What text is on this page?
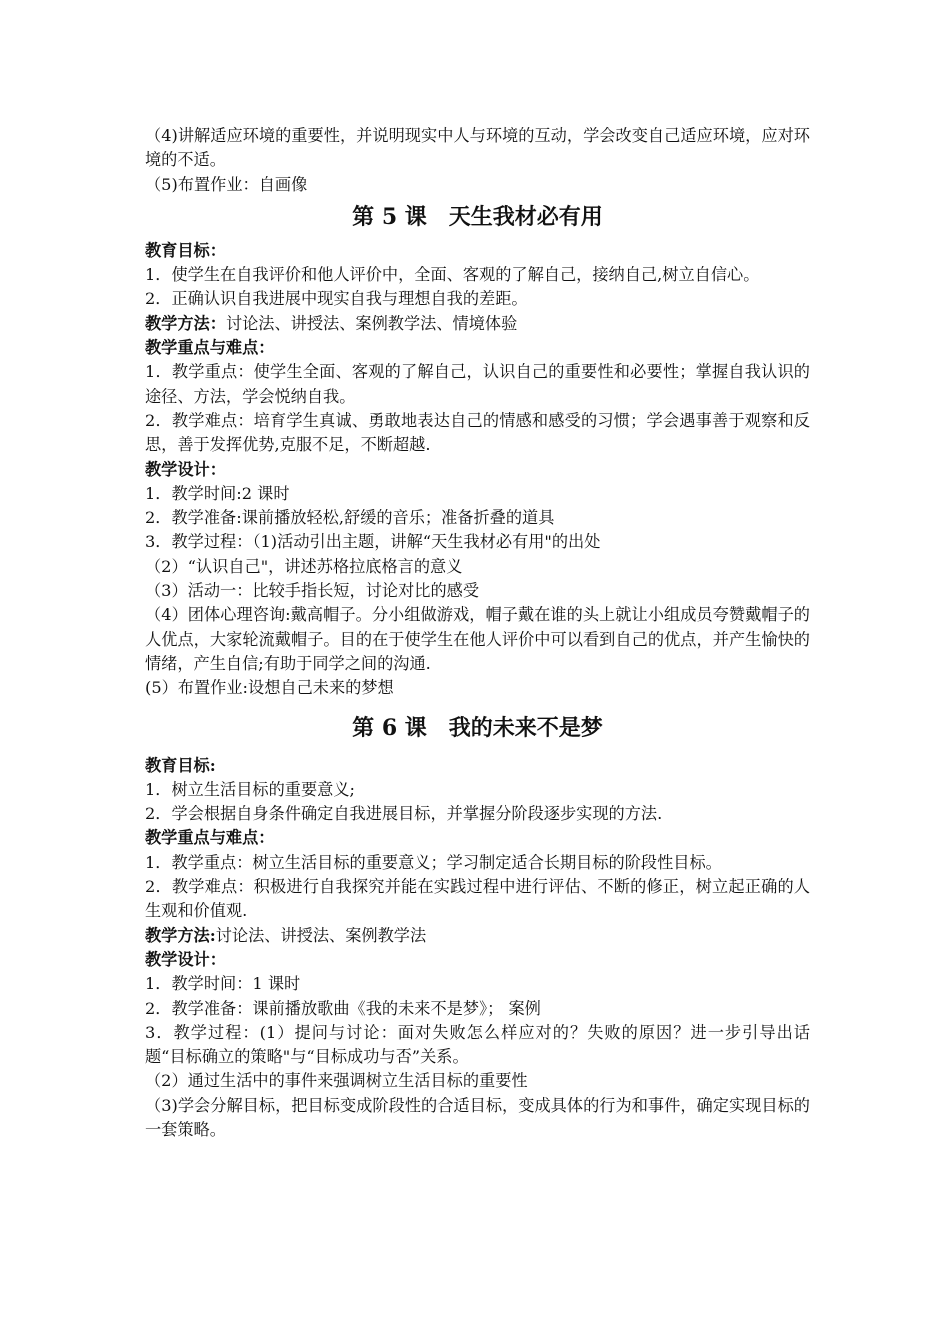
（4)讲解适应环境的重要性，并说明现实中人与环境的互动，学会改变自己适应环境，应对环境的不适。

（5)布置作业：自画像

第 5 课　天生我材必有用

教育目标：

1．使学生在自我评价和他人评价中，全面、客观的了解自己，接纳自己,树立自信心。

2．正确认识自我进展中现实自我与理想自我的差距。

教学方法：讨论法、讲授法、案例教学法、情境体验

教学重点与难点：

1．教学重点：使学生全面、客观的了解自己，认识自己的重要性和必要性；掌握自我认识的途径、方法，学会悦纳自我。

2．教学难点：培育学生真诚、勇敢地表达自己的情感和感受的习惯；学会遇事善于观察和反思，善于发挥优势,克服不足，不断超越.

教学设计：

1．教学时间:2 课时

2．教学准备:课前播放轻松,舒缓的音乐；准备折叠的道具

3．教学过程：（1)活动引出主题，讲解“天生我材必有用"的出处

（2）“认识自己"，讲述苏格拉底格言的意义

（3）活动一：比较手指长短，讨论对比的感受

（4）团体心理咨询:戴高帽子。分小组做游戏，帽子戴在谁的头上就让小组成员夸赞戴帽子的人优点，大家轮流戴帽子。目的在于使学生在他人评价中可以看到自己的优点，并产生愉快的情绪，产生自信;有助于同学之间的沟通.

(5）布置作业:设想自己未来的梦想

第 6 课　我的未来不是梦

教育目标:

1．树立生活目标的重要意义;

2．学会根据自身条件确定自我进展目标，并掌握分阶段逐步实现的方法.

教学重点与难点：

1．教学重点：树立生活目标的重要意义；学习制定适合长期目标的阶段性目标。

2．教学难点：积极进行自我探究并能在实践过程中进行评估、不断的修正，树立起正确的人生观和价值观.

教学方法:讨论法、讲授法、案例教学法

教学设计：

1．教学时间：1 课时

2．教学准备：课前播放歌曲《我的未来不是梦》； 案例

3．教学过程：(1）提问与讨论：面对失败怎么样应对的？失败的原因？进一步引导出话题“目标确立的策略"与“目标成功与否”关系。

（2）通过生活中的事件来强调树立生活目标的重要性

（3)学会分解目标，把目标变成阶段性的合适目标，变成具体的行为和事件，确定实现目标的一套策略。
